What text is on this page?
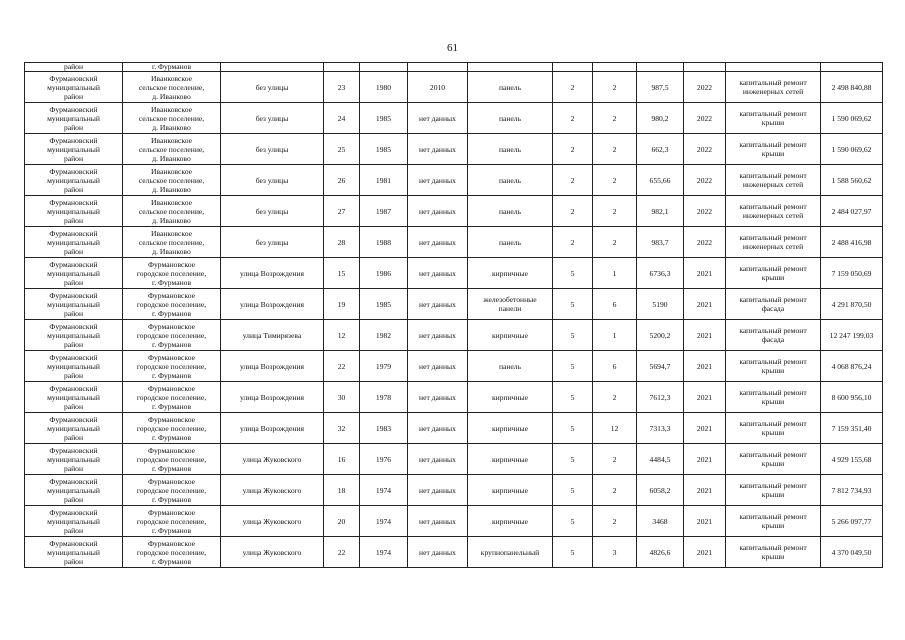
61
район	г. Фурманов											

Фурмановский
муниципальный
район	Иванковское
сельское поселение,
д. Иванково	без улицы	23	1980	2010	панель	2	2	987,5	2022	капитальный ремонт
инженерных сетей	2 498 840,88

Фурмановский
муниципальный
район	Иванковское
сельское поселение,
д. Иванково	без улицы	24	1985	нет данных	панель	2	2	980,2	2022	капитальный ремонт
крыши	1 590 069,62

Фурмановский
муниципальный
район	Иванковское
сельское поселение,
д. Иванково	без улицы	25	1985	нет данных	панель	2	2	662,3	2022	капитальный ремонт
крыши	1 590 069,62

Фурмановский
муниципальный
район	Иванковское
сельское поселение,
д. Иванково	без улицы	26	1981	нет данных	панель	2	2	655,66	2022	капитальный ремонт
инженерных сетей	1 588 560,62

Фурмановский
муниципальный
район	Иванковское
сельское поселение,
д. Иванково	без улицы	27	1987	нет данных	панель	2	2	982,1	2022	капитальный ремонт
инженерных сетей	2 484 027,97

Фурмановский
муниципальный
район	Иванковское
сельское поселение,
д. Иванково	без улицы	28	1988	нет данных	панель	2	2	983,7	2022	капитальный ремонт
инженерных сетей	2 488 416,98

Фурмановский
муниципальный
район	Фурмановское
городское поселение,
г. Фурманов	улица Возрождения	15	1986	нет данных	кирпичные	5	1	6736,3	2021	капитальный ремонт
крыши	7 159 050,69

Фурмановский
муниципальный
район	Фурмановское
городское поселение,
г. Фурманов	улица Возрождения	19	1985	нет данных	железобетонные
панели	5	6	5190	2021	капитальный ремонт
фасада	4 291 870,50

Фурмановский
муниципальный
район	Фурмановское
городское поселение,
г. Фурманов	улица Тимирязева	12	1982	нет данных	кирпичные	5	1	5200,2	2021	капитальный ремонт
фасада	12 247 199,03

Фурмановский
муниципальный
район	Фурмановское
городское поселение,
г. Фурманов	улица Возрождения	22	1979	нет данных	панель	5	6	5694,7	2021	капитальный ремонт
крыши	4 068 876,24

Фурмановский
муниципальный
район	Фурмановское
городское поселение,
г. Фурманов	улица Возрождения	30	1978	нет данных	кирпичные	5	2	7612,3	2021	капитальный ремонт
крыши	8 600 956,10

Фурмановский
муниципальный
район	Фурмановское
городское поселение,
г. Фурманов	улица Возрождения	32	1983	нет данных	кирпичные	5	12	7313,3	2021	капитальный ремонт
крыши	7 159 351,40

Фурмановский
муниципальный
район	Фурмановское
городское поселение,
г. Фурманов	улица Жуковского	16	1976	нет данных	кирпичные	5	2	4484,5	2021	капитальный ремонт
крыши	4 929 155,68

Фурмановский
муниципальный
район	Фурмановское
городское поселение,
г. Фурманов	улица Жуковского	18	1974	нет данных	кирпичные	5	2	6058,2	2021	капитальный ремонт
крыши	7 812 734,93

Фурмановский
муниципальный
район	Фурмановское
городское поселение,
г. Фурманов	улица Жуковского	20	1974	нет данных	кирпичные	5	2	3468	2021	капитальный ремонт
крыши	5 266 097,77

Фурмановский
муниципальный
район	Фурмановское
городское поселение,
г. Фурманов	улица Жуковского	22	1974	нет данных	крупнопанельный	5	3	4826,6	2021	капитальный ремонт
крыши	4 370 049,50
